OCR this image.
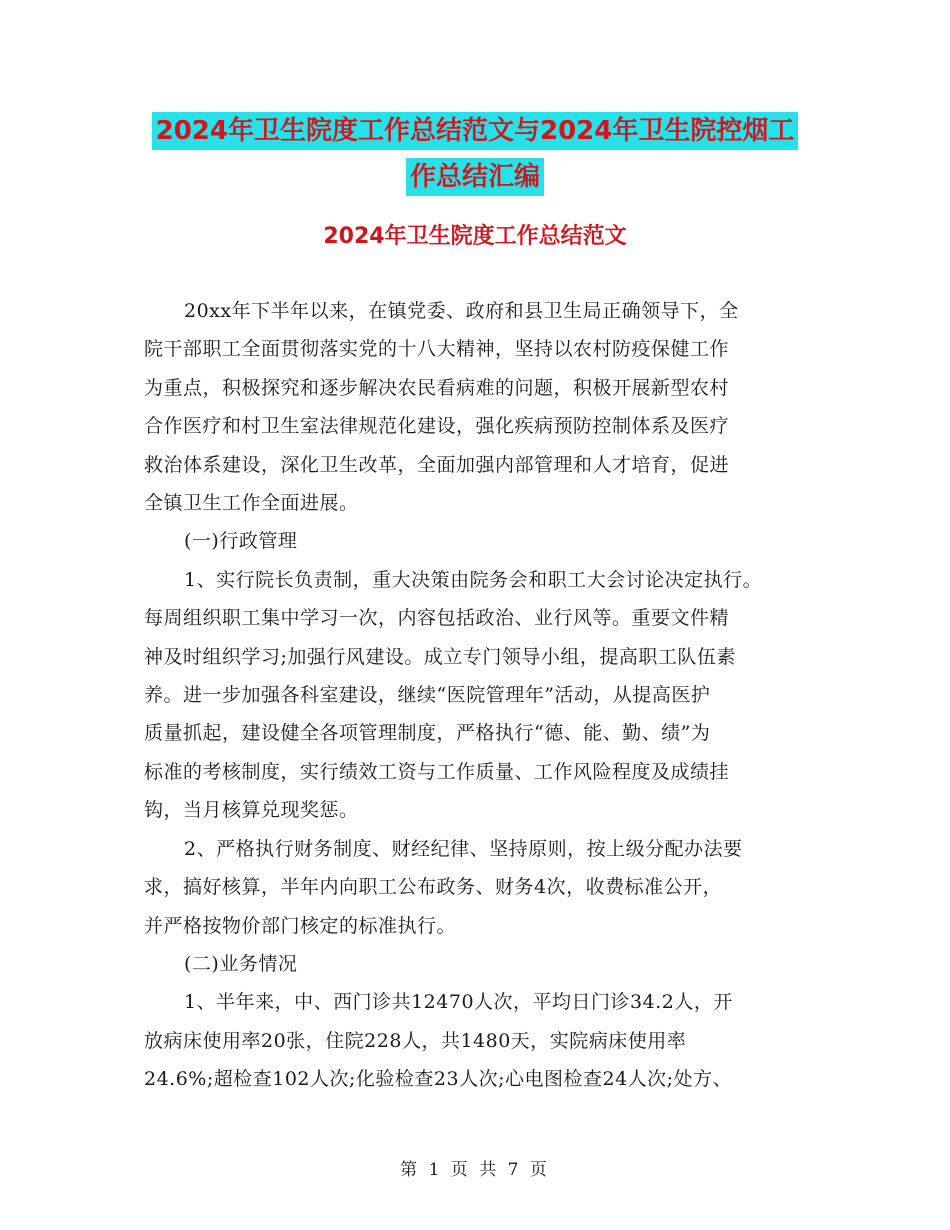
2024年卫生院度工作总结范文与2024年卫生院控烟工
作总结汇编
2024年卫生院度工作总结范文
20xx年下半年以来，在镇党委、政府和县卫生局正确领导下，全
院干部职工全面贯彻落实党的十八大精神，坚持以农村防疫保健工作
为重点，积极探究和逐步解决农民看病难的问题，积极开展新型农村
合作医疗和村卫生室法律规范化建设，强化疾病预防控制体系及医疗
救治体系建设，深化卫生改革，全面加强内部管理和人才培育，促进
全镇卫生工作全面进展。
(一)行政管理
1、实行院长负责制，重大决策由院务会和职工大会讨论决定执行。
每周组织职工集中学习一次，内容包括政治、业行风等。重要文件精
神及时组织学习;加强行风建设。成立专门领导小组，提高职工队伍素
养。进一步加强各科室建设，继续“医院管理年”活动，从提高医护
质量抓起，建设健全各项管理制度，严格执行“德、能、勤、绩”为
标准的考核制度，实行绩效工资与工作质量、工作风险程度及成绩挂
钩，当月核算兑现奖惩。
2、严格执行财务制度、财经纪律、坚持原则，按上级分配办法要
求，搞好核算，半年内向职工公布政务、财务4次，收费标准公开，
并严格按物价部门核定的标准执行。
(二)业务情况
1、半年来，中、西门诊共12470人次，平均日门诊34.2人，开
放病床使用率20张，住院228人，共1480天，实院病床使用率
24.6%;超检查102人次;化验检查23人次;心电图检查24人次;处方、
第 1 页 共 7 页
